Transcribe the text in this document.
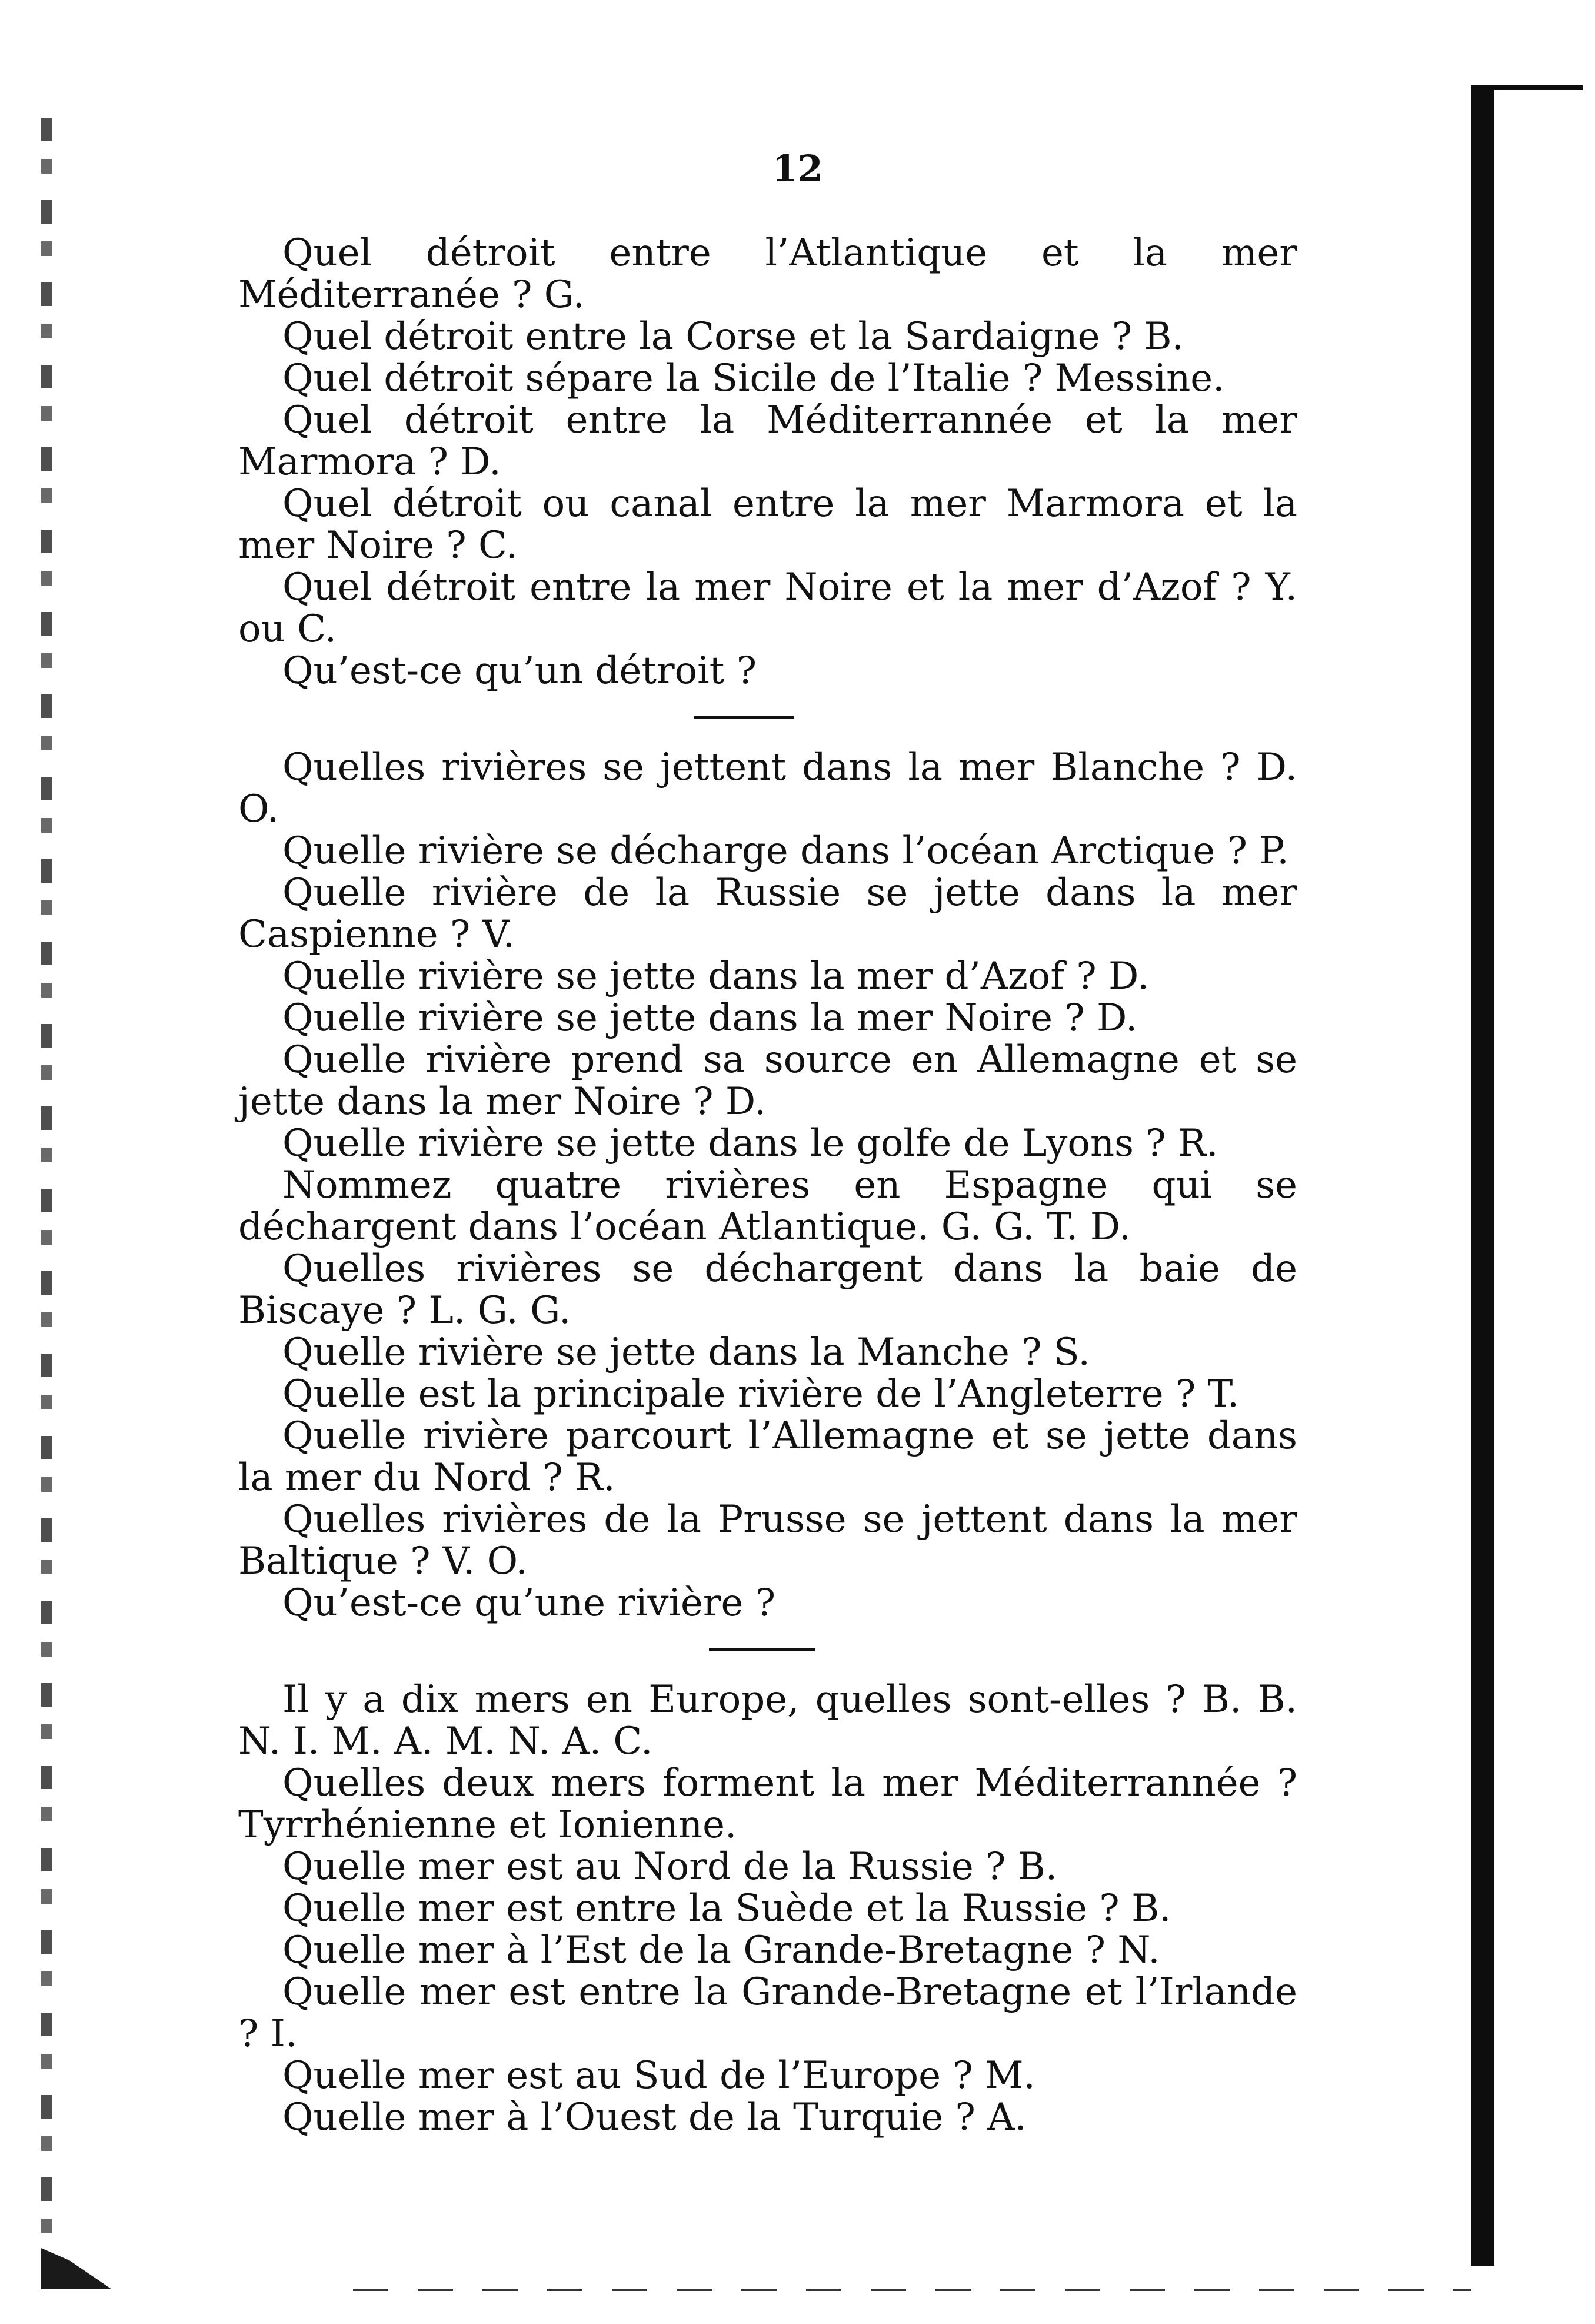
12

Quel détroit entre l’Atlantique et la mer Méditerranée ? G.

Quel détroit entre la Corse et la Sardaigne ? B.

Quel détroit sépare la Sicile de l’Italie ? Messine.

Quel détroit entre la Méditerrannée et la mer Marmora ? D.

Quel détroit ou canal entre la mer Marmora et la mer Noire ? C.

Quel détroit entre la mer Noire et la mer d’Azof ? Y. ou C.

Qu’est-ce qu’un détroit ?

Quelles rivières se jettent dans la mer Blanche ? D. O.

Quelle rivière se décharge dans l’océan Arctique ? P.

Quelle rivière de la Russie se jette dans la mer Caspienne ? V.

Quelle rivière se jette dans la mer d’Azof ? D.

Quelle rivière se jette dans la mer Noire ? D.

Quelle rivière prend sa source en Allemagne et se jette dans la mer Noire ? D.

Quelle rivière se jette dans le golfe de Lyons ? R.

Nommez quatre rivières en Espagne qui se déchargent dans l’océan Atlantique. G. G. T. D.

Quelles rivières se déchargent dans la baie de Biscaye ? L. G. G.

Quelle rivière se jette dans la Manche ? S.

Quelle est la principale rivière de l’Angleterre ? T.

Quelle rivière parcourt l’Allemagne et se jette dans la mer du Nord ? R.

Quelles rivières de la Prusse se jettent dans la mer Baltique ? V. O.

Qu’est-ce qu’une rivière ?

Il y a dix mers en Europe, quelles sont-elles ? B. B. N. I. M. A. M. N. A. C.

Quelles deux mers forment la mer Méditerrannée ? Tyrrhénienne et Ionienne.

Quelle mer est au Nord de la Russie ? B.

Quelle mer est entre la Suède et la Russie ? B.

Quelle mer à l’Est de la Grande-Bretagne ? N.

Quelle mer est entre la Grande-Bretagne et l’Irlande ? I.

Quelle mer est au Sud de l’Europe ? M.

Quelle mer à l’Ouest de la Turquie ? A.
